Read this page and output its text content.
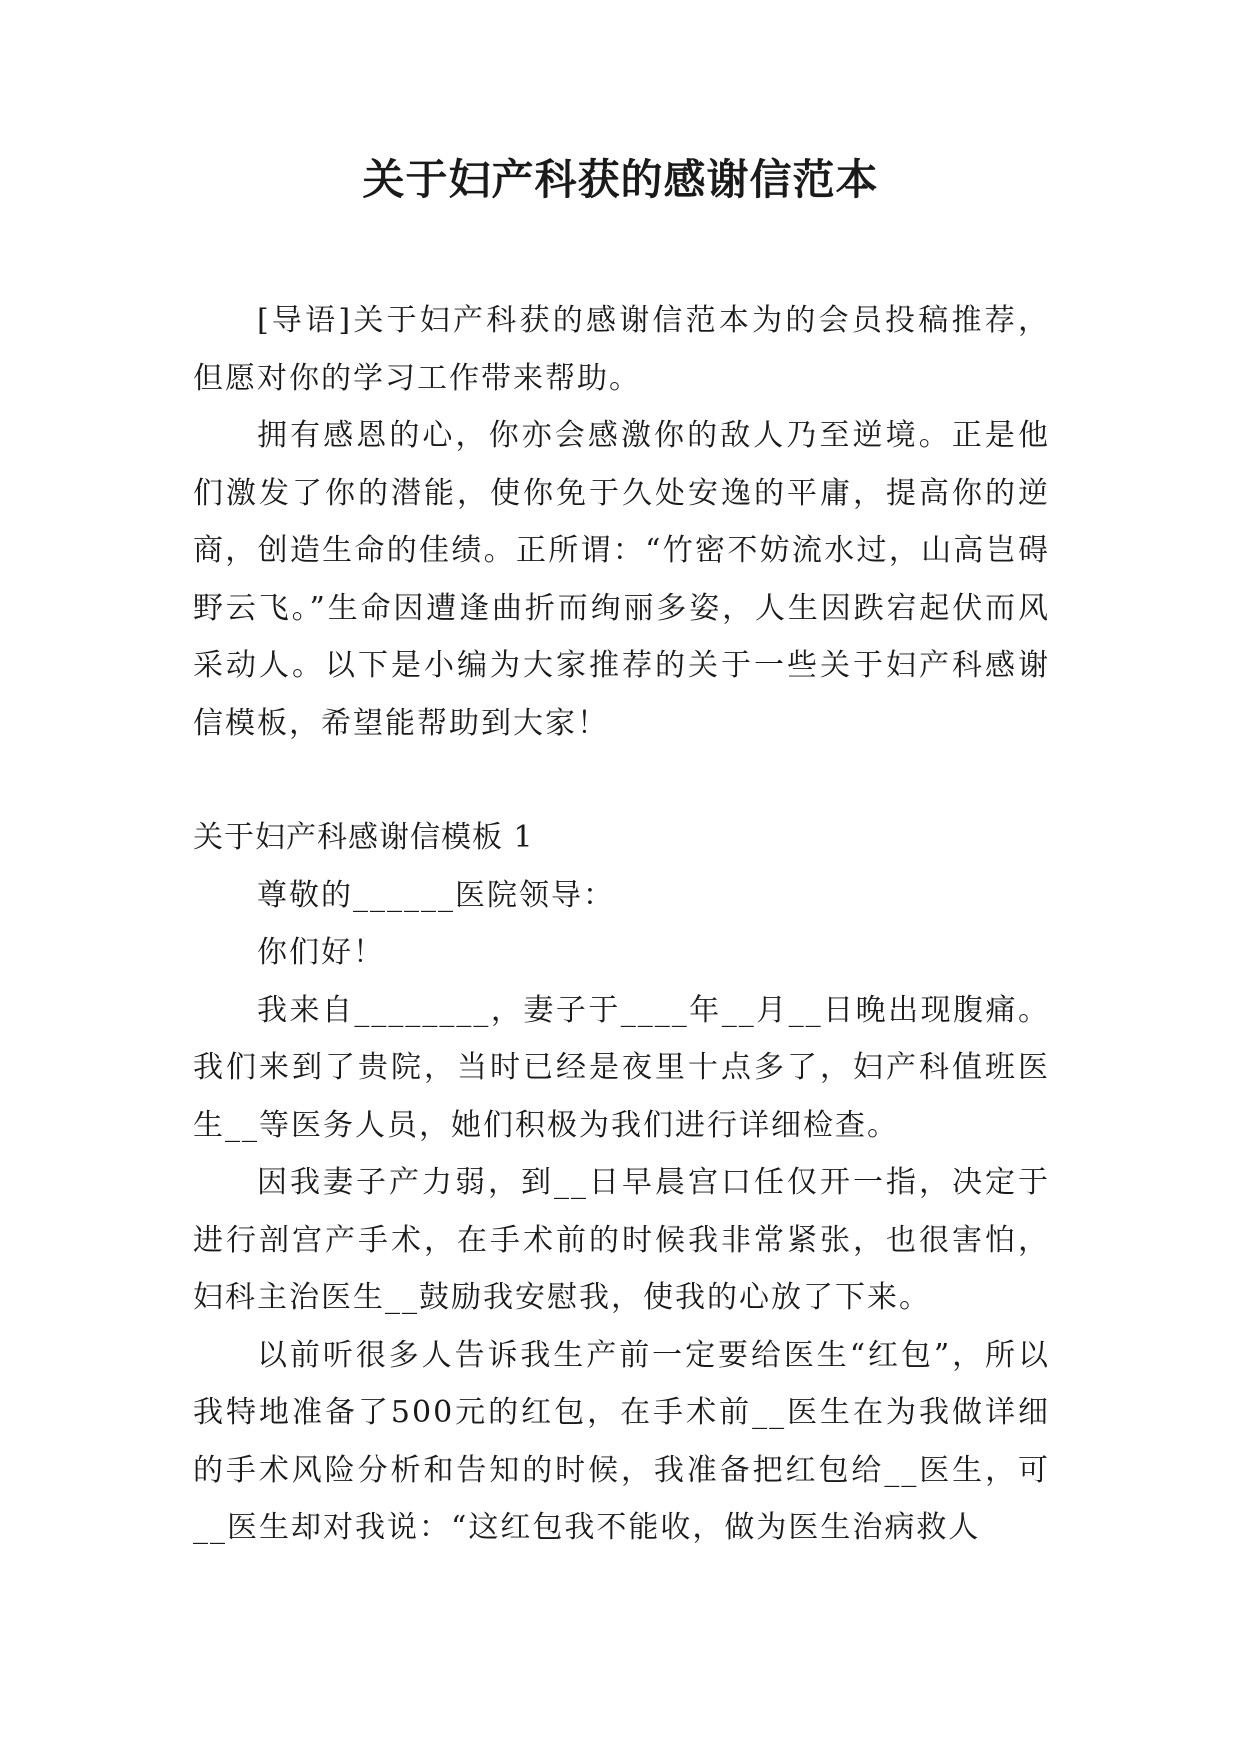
关于妇产科获的感谢信范本

[导语]关于妇产科获的感谢信范本为的会员投稿推荐，但愿对你的学习工作带来帮助。

拥有感恩的心，你亦会感激你的敌人乃至逆境。正是他们激发了你的潜能，使你免于久处安逸的平庸，提高你的逆商，创造生命的佳绩。正所谓：“竹密不妨流水过，山高岂碍野云飞。”生命因遭逢曲折而绚丽多姿，人生因跌宕起伏而风采动人。以下是小编为大家推荐的关于一些关于妇产科感谢信模板，希望能帮助到大家！

关于妇产科感谢信模板 1

尊敬的______医院领导：

你们好！

我来自________，妻子于____年__月__日晚出现腹痛。我们来到了贵院，当时已经是夜里十点多了，妇产科值班医生__等医务人员，她们积极为我们进行详细检查。

因我妻子产力弱，到__日早晨宫口任仅开一指，决定于进行剖宫产手术，在手术前的时候我非常紧张，也很害怕，妇科主治医生__鼓励我安慰我，使我的心放了下来。

以前听很多人告诉我生产前一定要给医生“红包”，所以我特地准备了500元的红包，在手术前__医生在为我做详细的手术风险分析和告知的时候，我准备把红包给__医生，可__医生却对我说：“这红包我不能收，做为医生治病救人
